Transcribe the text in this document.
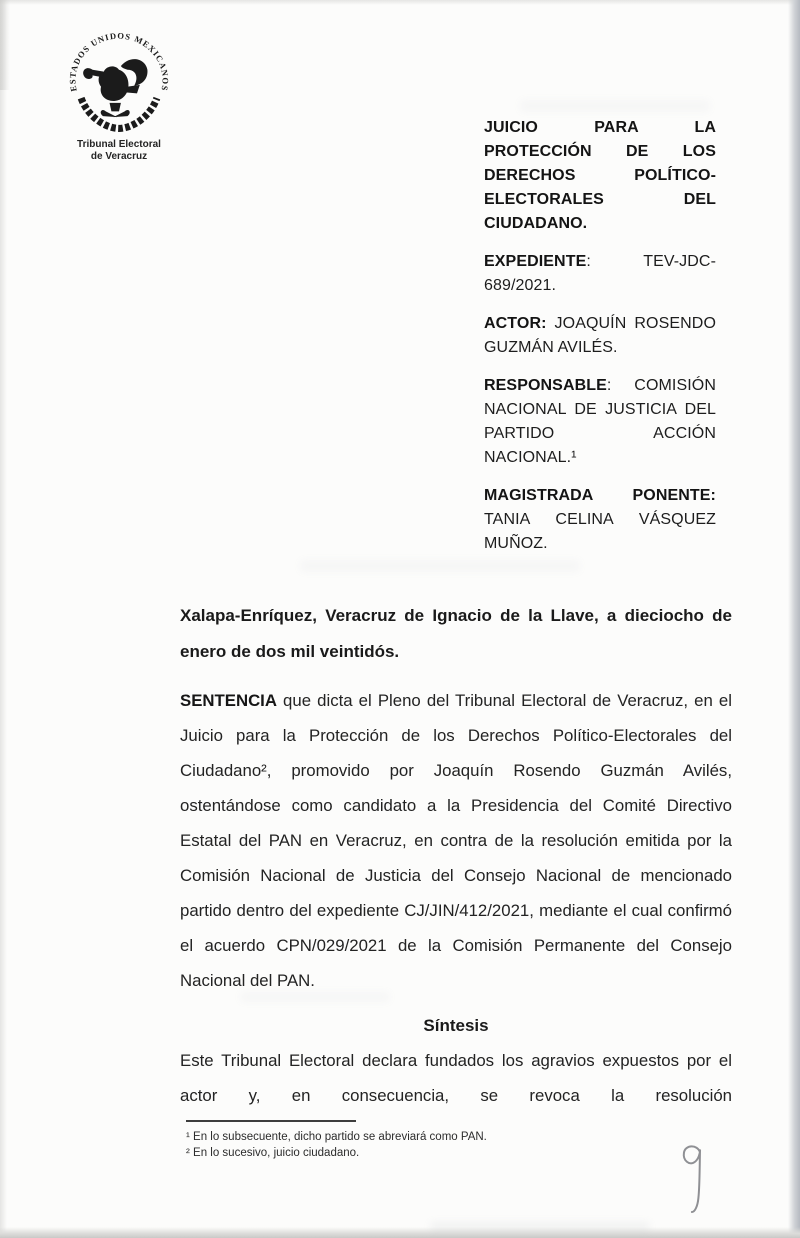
ESTADOS UNIDOS MEXICANOS
Tribunal Electoral
de Veracruz

JUICIO PARA LA PROTECCIÓN DE LOS DERECHOS POLÍTICO-ELECTORALES DEL CIUDADANO.

EXPEDIENTE: TEV-JDC-689/2021.

ACTOR: JOAQUÍN ROSENDO GUZMÁN AVILÉS.

RESPONSABLE: COMISIÓN NACIONAL DE JUSTICIA DEL PARTIDO ACCIÓN NACIONAL.¹

MAGISTRADA PONENTE: TANIA CELINA VÁSQUEZ MUÑOZ.

Xalapa-Enríquez, Veracruz de Ignacio de la Llave, a dieciocho de enero de dos mil veintidós.

SENTENCIA que dicta el Pleno del Tribunal Electoral de Veracruz, en el Juicio para la Protección de los Derechos Político-Electorales del Ciudadano², promovido por Joaquín Rosendo Guzmán Avilés, ostentándose como candidato a la Presidencia del Comité Directivo Estatal del PAN en Veracruz, en contra de la resolución emitida por la Comisión Nacional de Justicia del Consejo Nacional de mencionado partido dentro del expediente CJ/JIN/412/2021, mediante el cual confirmó el acuerdo CPN/029/2021 de la Comisión Permanente del Consejo Nacional del PAN.

Síntesis

Este Tribunal Electoral declara fundados los agravios expuestos por el actor y, en consecuencia, se revoca la resolución

¹ En lo subsecuente, dicho partido se abreviará como PAN.

² En lo sucesivo, juicio ciudadano.
